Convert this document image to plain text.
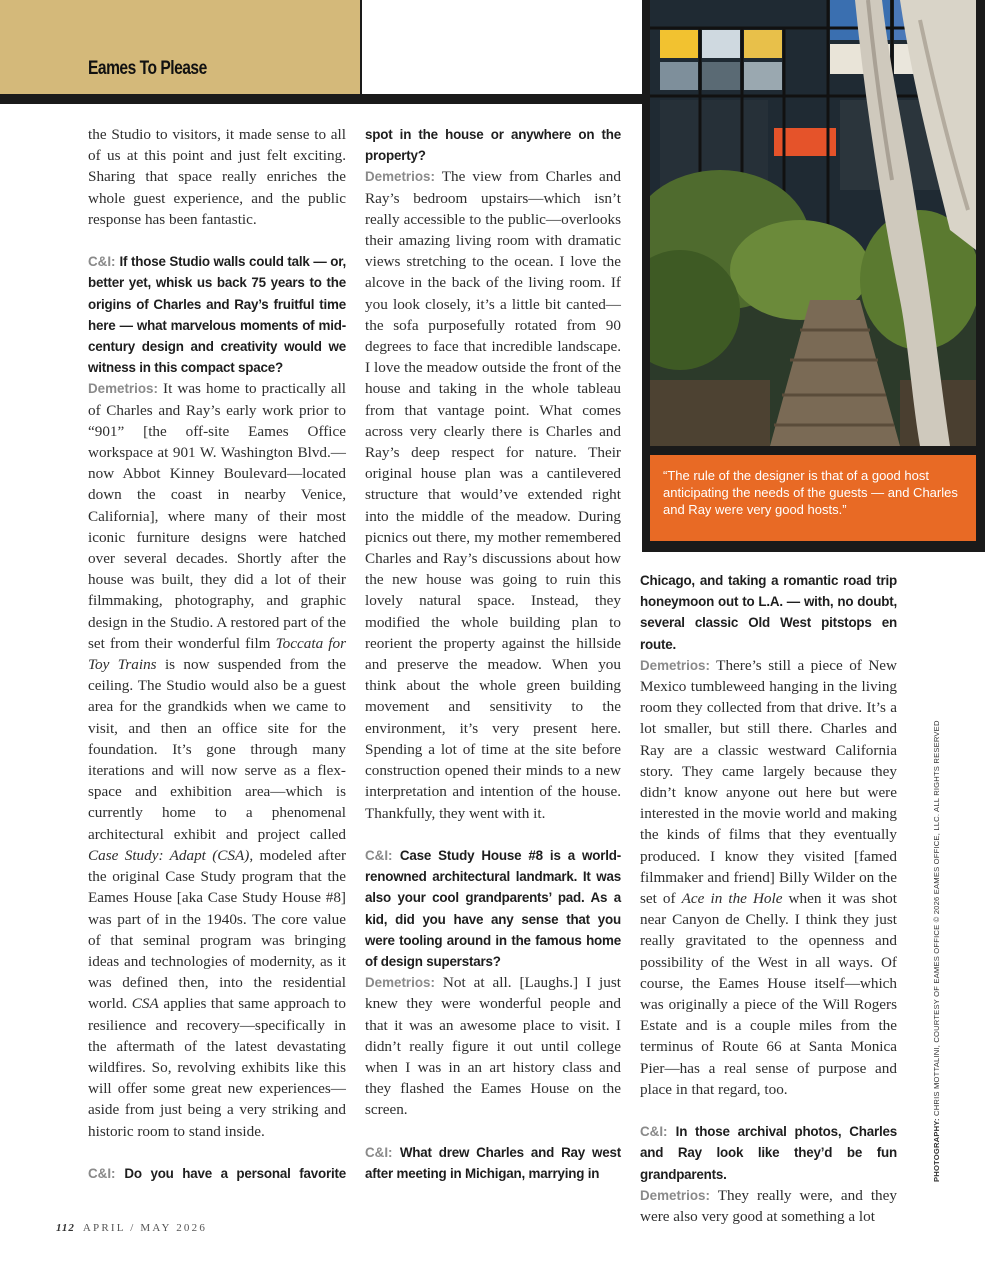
Eames To Please
“The rule of the designer is that of a good host anticipating the needs of the guests — and Charles and Ray were very good hosts.”

the Studio to visitors, it made sense to all of us at this point and just felt exciting. Sharing that space really enriches the whole guest experience, and the public response has been fantastic.

C&I: If those Studio walls could talk — or, better yet, whisk us back 75 years to the origins of Charles and Ray’s fruitful time here — what marvelous moments of mid-century design and creativity would we witness in this compact space?

Demetrios: It was home to practically all of Charles and Ray’s early work prior to “901” [the off-site Eames Office workspace at 901 W. Washington Blvd.—now Abbot Kinney Boulevard—located down the coast in nearby Venice, California], where many of their most iconic furniture designs were hatched over several decades. Shortly after the house was built, they did a lot of their filmmaking, photography, and graphic design in the Studio. A restored part of the set from their wonderful film Toccata for Toy Trains is now suspended from the ceiling. The Studio would also be a guest area for the grandkids when we came to visit, and then an office site for the foundation. It’s gone through many iterations and will now serve as a flex-space and exhibition area—which is currently home to a phenomenal architectural exhibit and project called Case Study: Adapt (CSA), modeled after the original Case Study program that the Eames House [aka Case Study House #8] was part of in the 1940s. The core value of that seminal program was bringing ideas and technologies of modernity, as it was defined then, into the residential world. CSA applies that same approach to resilience and recovery—specifically in the aftermath of the latest devastating wildfires. So, revolving exhibits like this will offer some great new experiences—aside from just being a very striking and historic room to stand inside.

C&I: Do you have a personal favorite

spot in the house or anywhere on the property?

Demetrios: The view from Charles and Ray’s bedroom upstairs—which isn’t really accessible to the public—overlooks their amazing living room with dramatic views stretching to the ocean. I love the alcove in the back of the living room. If you look closely, it’s a little bit canted—the sofa purposefully rotated from 90 degrees to face that incredible landscape. I love the meadow outside the front of the house and taking in the whole tableau from that vantage point. What comes across very clearly there is Charles and Ray’s deep respect for nature. Their original house plan was a cantilevered structure that would’ve extended right into the middle of the meadow. During picnics out there, my mother remembered Charles and Ray’s discussions about how the new house was going to ruin this lovely natural space. Instead, they modified the whole building plan to reorient the property against the hillside and preserve the meadow. When you think about the whole green building movement and sensitivity to the environment, it’s very present here. Spending a lot of time at the site before construction opened their minds to a new interpretation and intention of the house. Thankfully, they went with it.

C&I: Case Study House #8 is a world-renowned architectural landmark. It was also your cool grandparents’ pad. As a kid, did you have any sense that you were tooling around in the famous home of design superstars?

Demetrios: Not at all. [Laughs.] I just knew they were wonderful people and that it was an awesome place to visit. I didn’t really figure it out until college when I was in an art history class and they flashed the Eames House on the screen.

C&I: What drew Charles and Ray west after meeting in Michigan, marrying in

Chicago, and taking a romantic road trip honeymoon out to L.A. — with, no doubt, several classic Old West pitstops en route.

Demetrios: There’s still a piece of New Mexico tumbleweed hanging in the living room they collected from that drive. It’s a lot smaller, but still there. Charles and Ray are a classic westward California story. They came largely because they didn’t know anyone out here but were interested in the movie world and making the kinds of films that they eventually produced. I know they visited [famed filmmaker and friend] Billy Wilder on the set of Ace in the Hole when it was shot near Canyon de Chelly. I think they just really gravitated to the openness and possibility of the West in all ways. Of course, the Eames House itself—which was originally a piece of the Will Rogers Estate and is a couple miles from the terminus of Route 66 at Santa Monica Pier—has a real sense of purpose and place in that regard, too.

C&I: In those archival photos, Charles and Ray look like they’d be fun grandparents.

Demetrios: They really were, and they were also very good at something a lot

PHOTOGRAPHY: CHRIS MOTTALINI, COURTESY OF EAMES OFFICE © 2026 EAMES OFFICE, LLC. ALL RIGHTS RESERVED
112 APRIL / MAY 2026
